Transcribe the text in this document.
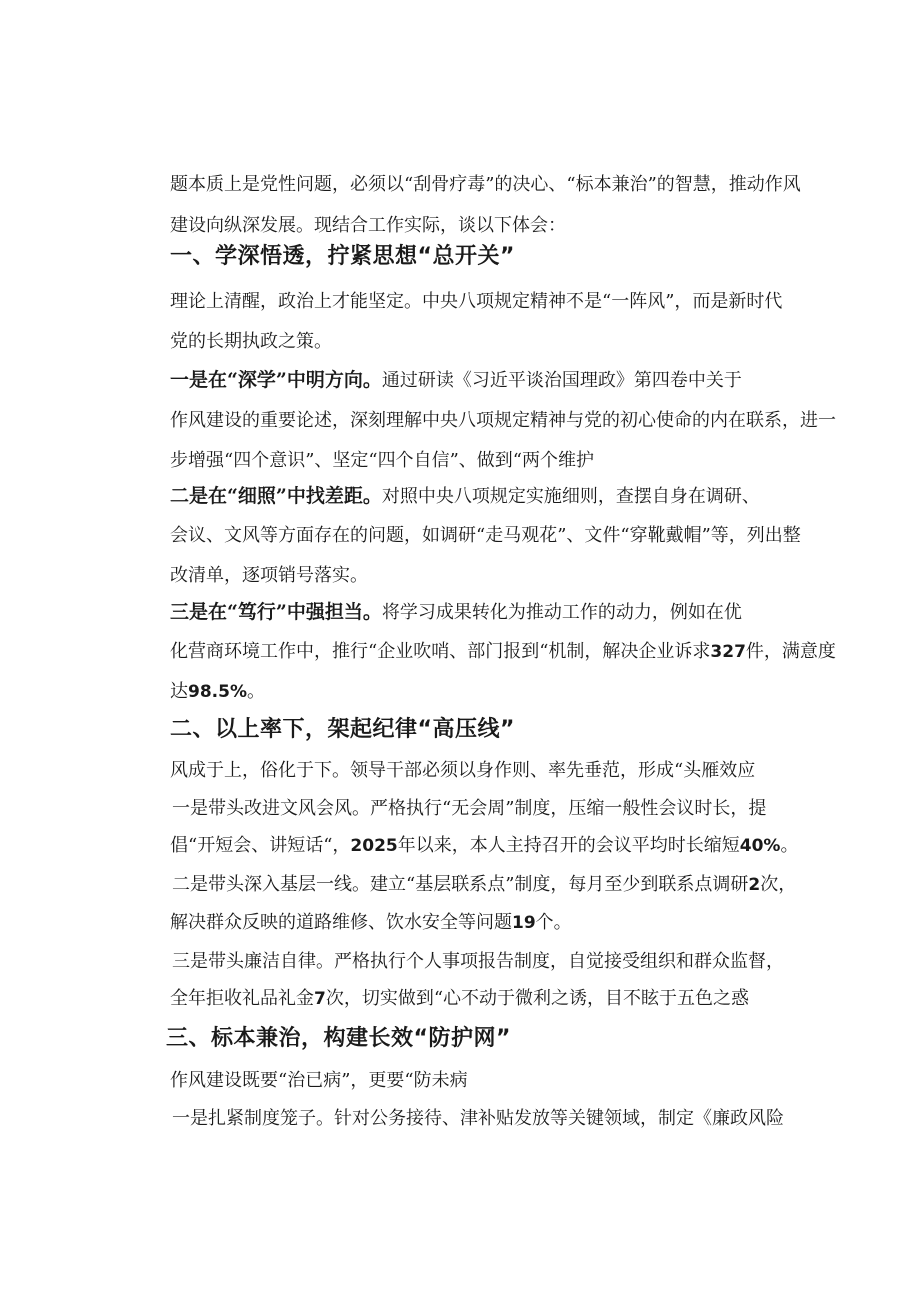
题本质上是党性问题，必须以“刮骨疗毒”的决心、“标本兼治”的智慧，推动作风
建设向纵深发展。现结合工作实际，谈以下体会：
一、学深悟透，拧紧思想“总开关”
理论上清醒，政治上才能坚定。中央八项规定精神不是“一阵风”，而是新时代
党的长期执政之策。
一是在“深学”中明方向。通过研读《习近平谈治国理政》第四卷中关于
作风建设的重要论述，深刻理解中央八项规定精神与党的初心使命的内在联系，进一
步增强“四个意识”、坚定“四个自信”、做到“两个维护
二是在“细照”中找差距。对照中央八项规定实施细则，查摆自身在调研、
会议、文风等方面存在的问题，如调研“走马观花”、文件“穿靴戴帽”等，列出整
改清单，逐项销号落实。
三是在“笃行”中强担当。将学习成果转化为推动工作的动力，例如在优
化营商环境工作中，推行“企业吹哨、部门报到“机制，解决企业诉求327件，满意度
达98.5%。
二、以上率下，架起纪律“高压线”
风成于上，俗化于下。领导干部必须以身作则、率先垂范，形成“头雁效应
一是带头改进文风会风。严格执行“无会周”制度，压缩一般性会议时长，提
倡“开短会、讲短话“，2025年以来，本人主持召开的会议平均时长缩短40%。
二是带头深入基层一线。建立“基层联系点”制度，每月至少到联系点调研2次，
解决群众反映的道路维修、饮水安全等问题19个。
三是带头廉洁自律。严格执行个人事项报告制度，自觉接受组织和群众监督，
全年拒收礼品礼金7次，切实做到“心不动于微利之诱，目不眩于五色之惑
三、标本兼治，构建长效“防护网”
作风建设既要“治已病”，更要“防未病
一是扎紧制度笼子。针对公务接待、津补贴发放等关键领域，制定《廉政风险
